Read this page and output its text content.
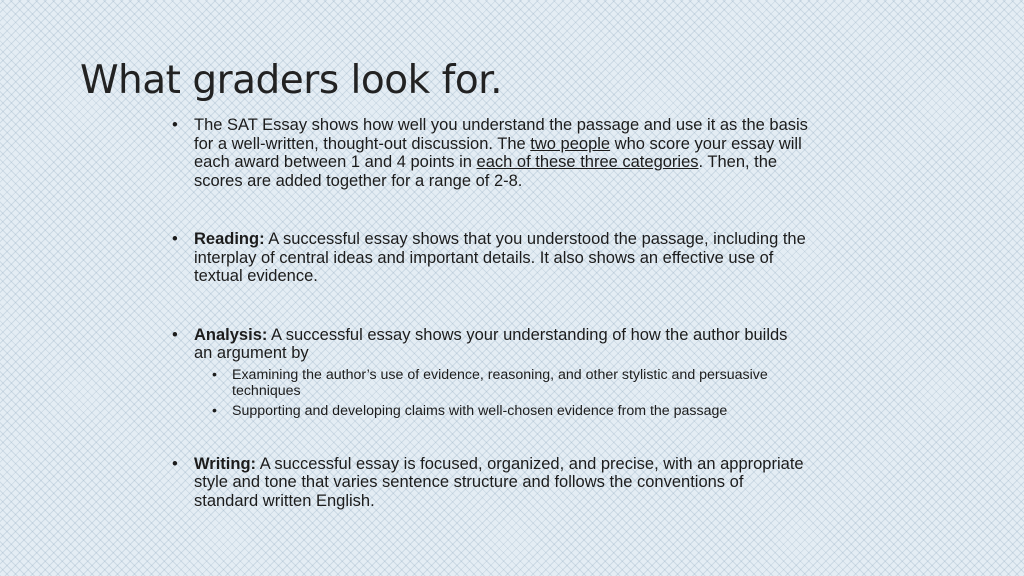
What graders look for.

• The SAT Essay shows how well you understand the passage and use it as the basis for a well-written, thought-out discussion. The two people who score your essay will each award between 1 and 4 points in each of these three categories. Then, the scores are added together for a range of 2-8.

• Reading: A successful essay shows that you understood the passage, including the interplay of central ideas and important details. It also shows an effective use of textual evidence.

• Analysis: A successful essay shows your understanding of how the author builds an argument by

• Examining the author’s use of evidence, reasoning, and other stylistic and persuasive techniques

• Supporting and developing claims with well-chosen evidence from the passage

• Writing: A successful essay is focused, organized, and precise, with an appropriate style and tone that varies sentence structure and follows the conventions of standard written English.
